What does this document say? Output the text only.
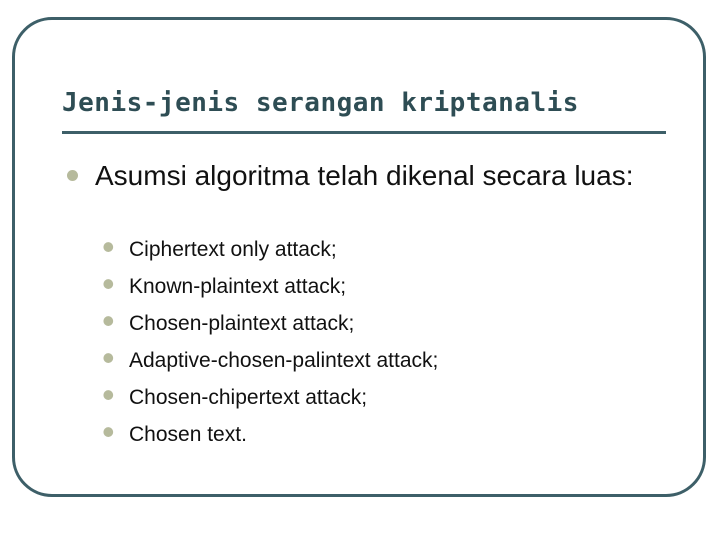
Jenis-jenis serangan kriptanalis

Asumsi algoritma telah dikenal secara luas:

• Ciphertext only attack;
• Known-plaintext attack;
• Chosen-plaintext attack;
• Adaptive-chosen-palintext attack;
• Chosen-chipertext attack;
• Chosen text.
